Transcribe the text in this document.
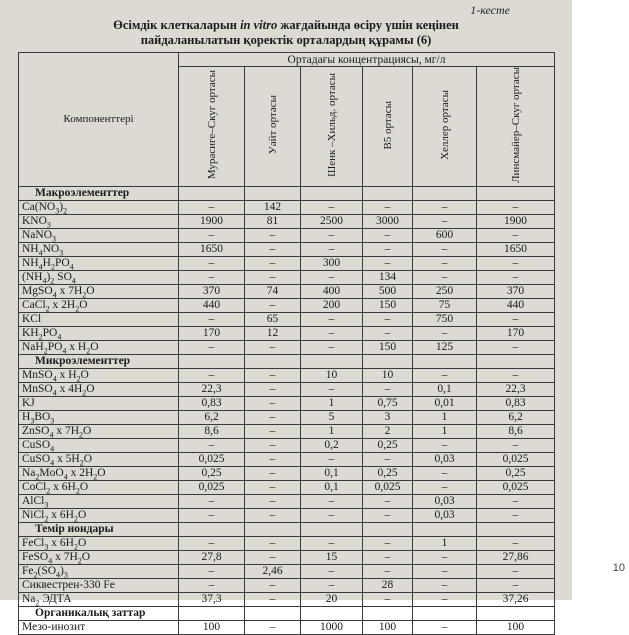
1-кесте
Өсімдік клеткаларын in vitro жағдайында өсіру үшін кеңінен
пайдаланылатын қоректік орталардың құрамы (6)
Компоненттері	Ортадағы концентрациясы, мг/л					
	Мурасиге–Скуг ортасы	Уайт ортасы	Шенк –Хильд. ортасы	B5 ортасы	Хеллер ортасы	Линсмайер–Скуг ортасы
Макроэлементтер						
$Ca(NO_3)_2$	–	142	–	–	–	–
$KNO_3$	1900	81	2500	3000	–	1900
NaNO$_3$	–	–	–	–	600	–
$NH_4NO_3$	1650	–	–	–	–	1650
$NH_4H_2PO_4$	–	–	300	–	–	–
$(NH_4)_2$ $SO_4$	–	–	–	134	–	–
MgSO$_4$ x $7H_2O$	370	74	400	500	250	370
CaCl$_2$ x $2H_2O$	440	–	200	150	75	440
KCl	–	65	–	–	750	–
$KH_2PO_4$	170	12	–	–	–	170
$NaH_2PO_4$ x $H_2O$	–	–	–	150	125	–
Микроэлементтер						
MnSO$_4$ x $H_2O$	–	–	10	10	–	–
MnSO$_4$ x $4H_2O$	22,3	–	–	–	0,1	22,3
KJ	0,83	–	1	0,75	0,01	0,83
$H_3BO_3$	6,2	–	5	3	1	6,2
ZnSO$_4$ x $7H_2O$	8,6	–	1	2	1	8,6
CuSO$_4$	–	–	0,2	0,25	–	–
CuSO$_4$ x $5H_2O$	0,025	–	–	–	0,03	0,025
$Na_2MoO_4$ x $2H_2O$	0,25	–	0,1	0,25	–	0,25
CoCl$_2$ x $6H_2O$	0,025	–	0,1	0,025	–	0,025
AlCl$_3$	–	–	–	–	0,03	–
NiCl$_2$ x $6H_2O$	–	–	–	–	0,03	–
Темір иондары						
FeCl$_3$ x $6H_2O$	–	–	–	–	1	–
FeSO$_4$ x $7H_2O$	27,8	–	15	–	–	27,86
$Fe_2(SO_4)_3$	–	2,46	–	–	–	–
Сиквестрен-330 Fe	–	–	–	28	–	–
$Na_2$ ЭДТА	37,3	–	20	–	–	37,26
Органикалық заттар						
Мезо-инозит	100	–	1000	100	–	100
10
